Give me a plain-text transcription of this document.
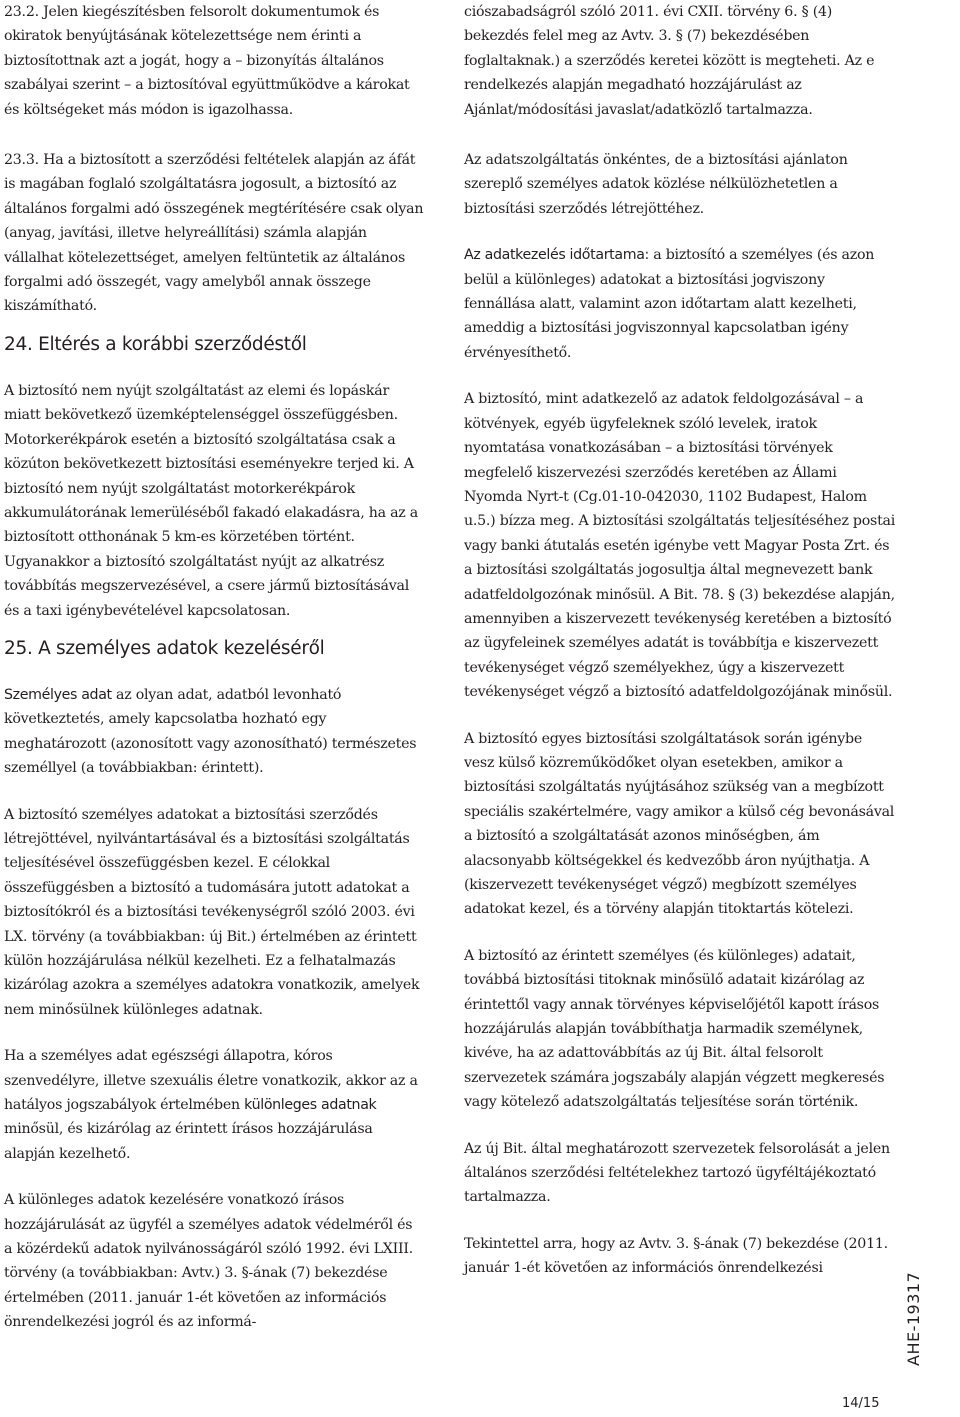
23.2. Jelen kiegészítésben felsorolt dokumentumok és okiratok benyújtásának kötelezettsége nem érinti a biztosítottnak azt a jogát, hogy a – bizonyítás általános szabályai szerint – a biztosítóval együttműködve a károkat és költségeket más módon is igazolhassa.

23.3. Ha a biztosított a szerződési feltételek alapján az áfát is magában foglaló szolgáltatásra jogosult, a biztosító az általános forgalmi adó összegének megtérítésére csak olyan (anyag, javítási, illetve helyreállítási) számla alapján vállalhat kötelezettséget, amelyen feltüntetik az általános forgalmi adó összegét, vagy amelyből annak összege kiszámítható.

24. Eltérés a korábbi szerződéstől

A biztosító nem nyújt szolgáltatást az elemi és lopáskár miatt bekövetkező üzemképtelenséggel összefüggésben. Motorkerékpárok esetén a biztosító szolgáltatása csak a közúton bekövetkezett biztosítási eseményekre terjed ki. A biztosító nem nyújt szolgáltatást motorkerékpárok akkumulátorának lemerüléséből fakadó elakadásra, ha az a biztosított otthonának 5 km-es körzetében történt. Ugyanakkor a biztosító szolgáltatást nyújt az alkatrész továbbítás megszervezésével, a csere jármű biztosításával és a taxi igénybevételével kapcsolatosan.

25. A személyes adatok kezeléséről

Személyes adat az olyan adat, adatból levonható következtetés, amely kapcsolatba hozható egy meghatározott (azonosított vagy azonosítható) természetes személlyel (a továbbiakban: érintett).

A biztosító személyes adatokat a biztosítási szerződés létrejöttével, nyilvántartásával és a biztosítási szolgáltatás teljesítésével összefüggésben kezel. E célokkal összefüggésben a biztosító a tudomására jutott adatokat a biztosítókról és a biztosítási tevékenységről szóló 2003. évi LX. törvény (a továbbiakban: új Bit.) értelmében az érintett külön hozzájárulása nélkül kezelheti. Ez a felhatalmazás kizárólag azokra a személyes adatokra vonatkozik, amelyek nem minősülnek különleges adatnak.

Ha a személyes adat egészségi állapotra, kóros szenvedélyre, illetve szexuális életre vonatkozik, akkor az a hatályos jogszabályok értelmében különleges adatnak minősül, és kizárólag az érintett írásos hozzájárulása alapján kezelhető.

A különleges adatok kezelésére vonatkozó írásos hozzájárulását az ügyfél a személyes adatok védelméről és a közérdekű adatok nyilvánosságáról szóló 1992. évi LXIII. törvény (a továbbiakban: Avtv.) 3. §-ának (7) bekezdése értelmében (2011. január 1-ét követően az információs önrendelkezési jogról és az informá-

ciószabadságról szóló 2011. évi CXII. törvény 6. § (4) bekezdés felel meg az Avtv. 3. § (7) bekezdésében foglaltaknak.) a szerződés keretei között is megteheti. Az e rendelkezés alapján megadható hozzájárulást az Ajánlat/módosítási javaslat/adatközlő tartalmazza.

Az adatszolgáltatás önkéntes, de a biztosítási ajánlaton szereplő személyes adatok közlése nélkülözhetetlen a biztosítási szerződés létrejöttéhez.

Az adatkezelés időtartama: a biztosító a személyes (és azon belül a különleges) adatokat a biztosítási jogviszony fennállása alatt, valamint azon időtartam alatt kezelheti, ameddig a biztosítási jogviszonnyal kapcsolatban igény érvényesíthető.

A biztosító, mint adatkezelő az adatok feldolgozásával – a kötvények, egyéb ügyfeleknek szóló levelek, iratok nyomtatása vonatkozásában – a biztosítási törvények megfelelő kiszervezési szerződés keretében az Állami Nyomda Nyrt-t (Cg.01-10-042030, 1102 Budapest, Halom u.5.) bízza meg. A biztosítási szolgáltatás teljesítéséhez postai vagy banki átutalás esetén igénybe vett Magyar Posta Zrt. és a biztosítási szolgáltatás jogosultja által megnevezett bank adatfeldolgozónak minősül. A Bit. 78. § (3) bekezdése alapján, amennyiben a kiszervezett tevékenység keretében a biztosító az ügyfeleinek személyes adatát is továbbítja e kiszervezett tevékenységet végző személyekhez, úgy a kiszervezett tevékenységet végző a biztosító adatfeldolgozójának minősül.

A biztosító egyes biztosítási szolgáltatások során igénybe vesz külső közreműködőket olyan esetekben, amikor a biztosítási szolgáltatás nyújtásához szükség van a megbízott speciális szakértelmére, vagy amikor a külső cég bevonásával a biztosító a szolgáltatását azonos minőségben, ám alacsonyabb költségekkel és kedvezőbb áron nyújthatja. A (kiszervezett tevékenységet végző) megbízott személyes adatokat kezel, és a törvény alapján titoktartás kötelezi.

A biztosító az érintett személyes (és különleges) adatait, továbbá biztosítási titoknak minősülő adatait kizárólag az érintettől vagy annak törvényes képviselőjétől kapott írásos hozzájárulás alapján továbbíthatja harmadik személynek, kivéve, ha az adattovábbítás az új Bit. által felsorolt szervezetek számára jogszabály alapján végzett megkeresés vagy kötelező adatszolgáltatás teljesítése során történik.

Az új Bit. által meghatározott szervezetek felsorolását a jelen általános szerződési feltételekhez tartozó ügyféltájékoztató tartalmazza.

Tekintettel arra, hogy az Avtv. 3. §-ának (7) bekezdése (2011. január 1-ét követően az információs önrendelkezési

AHE-19317
14/15
